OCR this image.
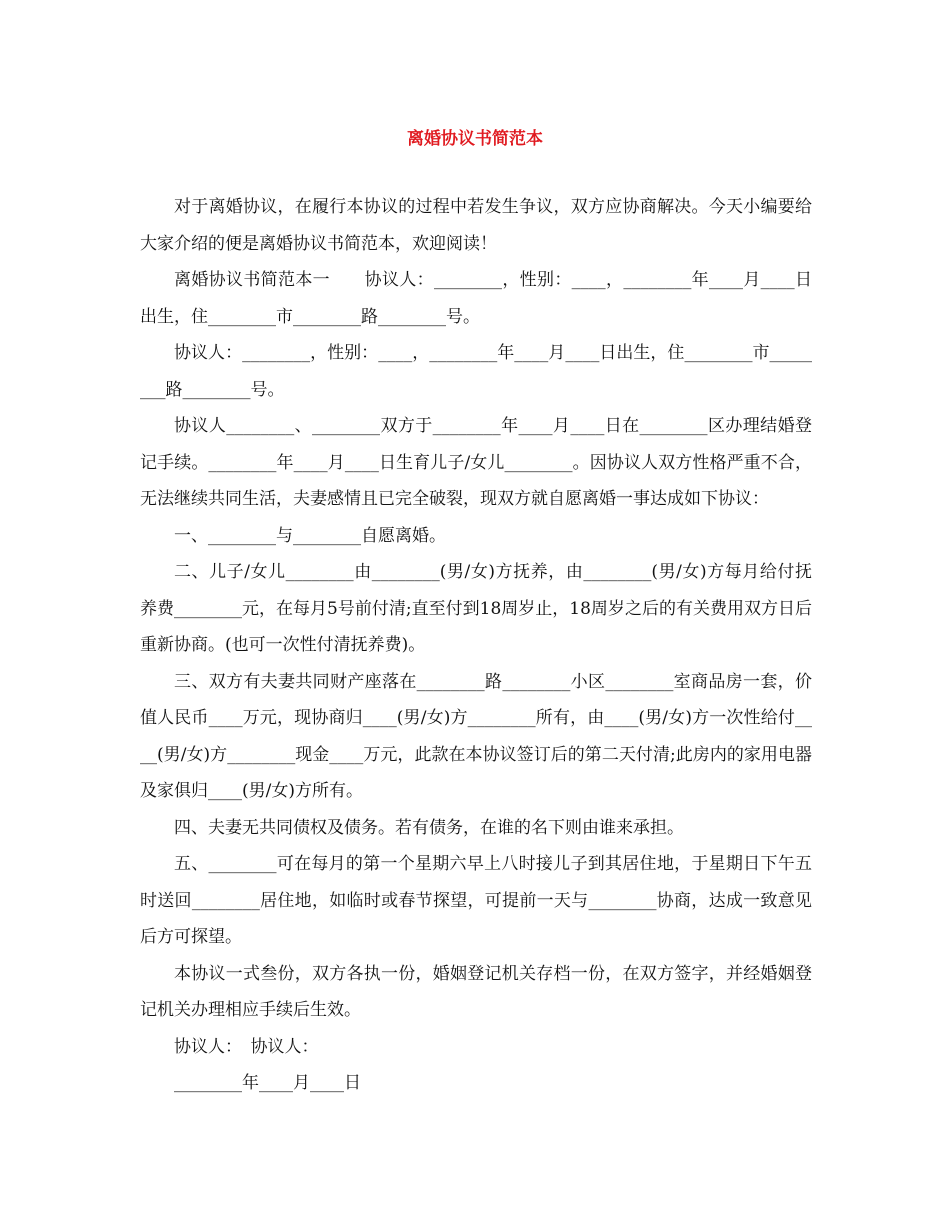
离婚协议书简范本

对于离婚协议，在履行本协议的过程中若发生争议，双方应协商解决。今天小编要给大家介绍的便是离婚协议书简范本，欢迎阅读！

离婚协议书简范本一　　协议人：________，性别：____，________年____月____日出生，住________市________路________号。

协议人：________，性别：____，________年____月____日出生，住________市________路________号。

协议人________、________双方于________年____月____日在________区办理结婚登记手续。________年____月____日生育儿子/女儿________。因协议人双方性格严重不合，无法继续共同生活，夫妻感情且已完全破裂，现双方就自愿离婚一事达成如下协议：

一、________与________自愿离婚。

二、儿子/女儿________由________(男/女)方抚养，由________(男/女)方每月给付抚养费________元，在每月5号前付清;直至付到18周岁止，18周岁之后的有关费用双方日后重新协商。(也可一次性付清抚养费)。

三、双方有夫妻共同财产座落在________路________小区________室商品房一套，价值人民币____万元，现协商归____(男/女)方________所有，由____(男/女)方一次性给付____(男/女)方________现金____万元，此款在本协议签订后的第二天付清;此房内的家用电器及家俱归____(男/女)方所有。

四、夫妻无共同债权及债务。若有债务，在谁的名下则由谁来承担。

五、________可在每月的第一个星期六早上八时接儿子到其居住地，于星期日下午五时送回________居住地，如临时或春节探望，可提前一天与________协商，达成一致意见后方可探望。

本协议一式叁份，双方各执一份，婚姻登记机关存档一份，在双方签字，并经婚姻登记机关办理相应手续后生效。

协议人：　协议人：

________年____月____日
